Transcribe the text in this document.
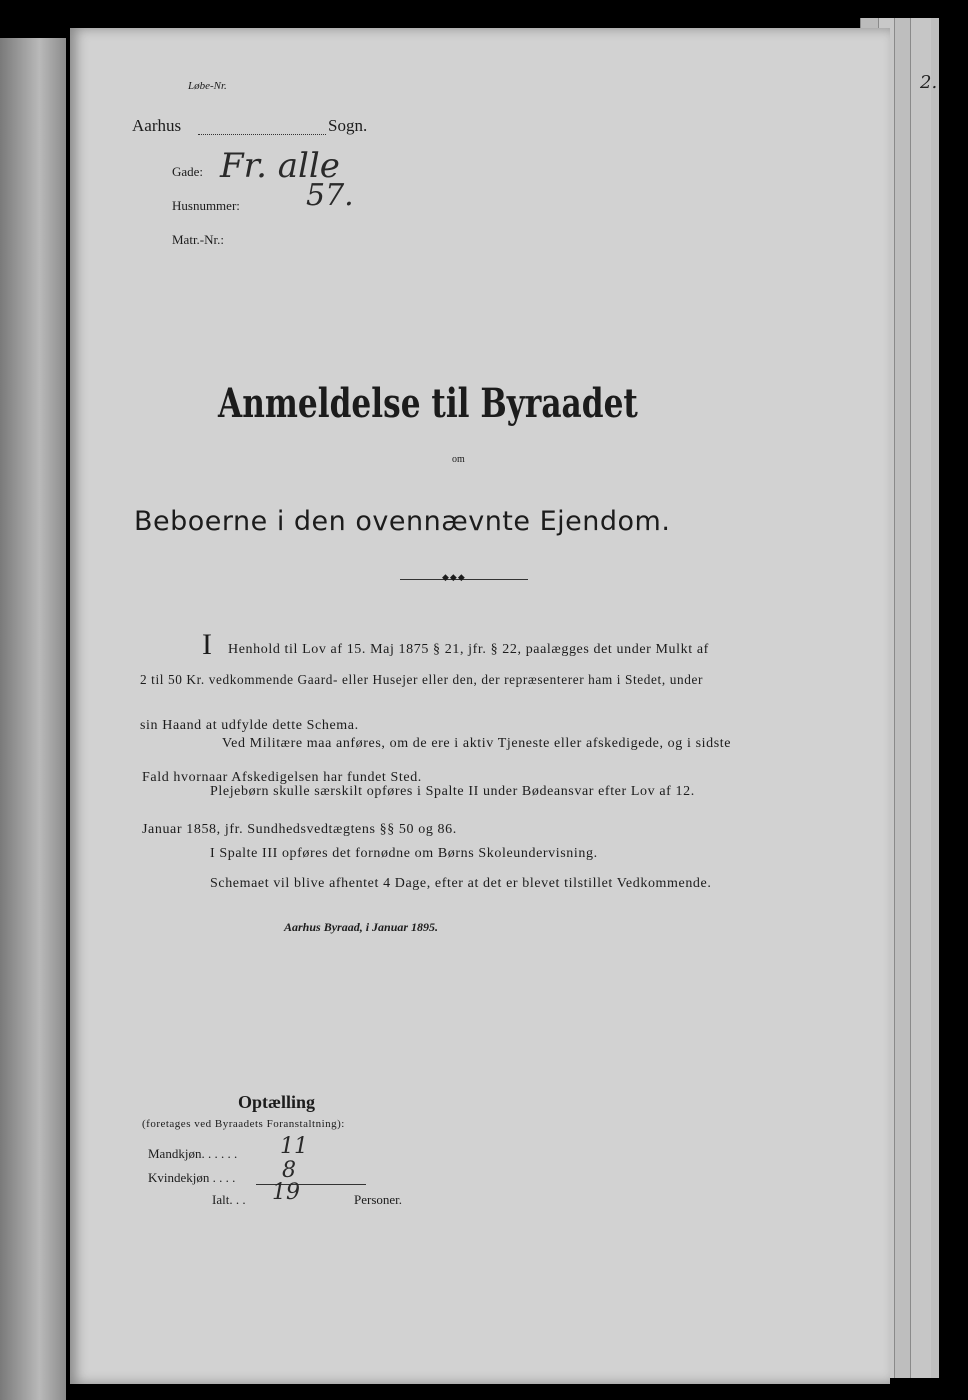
Løbe-Nr.
Aarhus	Sogn.
Gade: Fr. alle
Husnummer: 57.
Matr.-Nr.:
Anmeldelse til Byraadet
om
Beboerne i den ovennævnte Ejendom.
◆◆◆
I Henhold til Lov af 15. Maj 1875 § 21, jfr. § 22, paalægges det under Mulkt af
2 til 50 Kr. vedkommende Gaard- eller Husejer eller den, der repræsenterer ham i Stedet, under
sin Haand at udfylde dette Schema.
Ved Militære maa anføres, om de ere i aktiv Tjeneste eller afskedigede, og i sidste
Fald hvornaar Afskedigelsen har fundet Sted.
Plejebørn skulle særskilt opføres i Spalte II under Bødeansvar efter Lov af 12.
Januar 1858, jfr. Sundhedsvedtægtens §§ 50 og 86.
I Spalte III opføres det fornødne om Børns Skoleundervisning.
Schemaet vil blive afhentet 4 Dage, efter at det er blevet tilstillet Vedkommende.
Aarhus Byraad, i Januar 1895.
Optælling
(foretages ved Byraadets Foranstaltning):
Mandkjøn. . . . . . 11
Kvindekjøn . . . . 8
Ialt. . . 19	Personer.
2.
